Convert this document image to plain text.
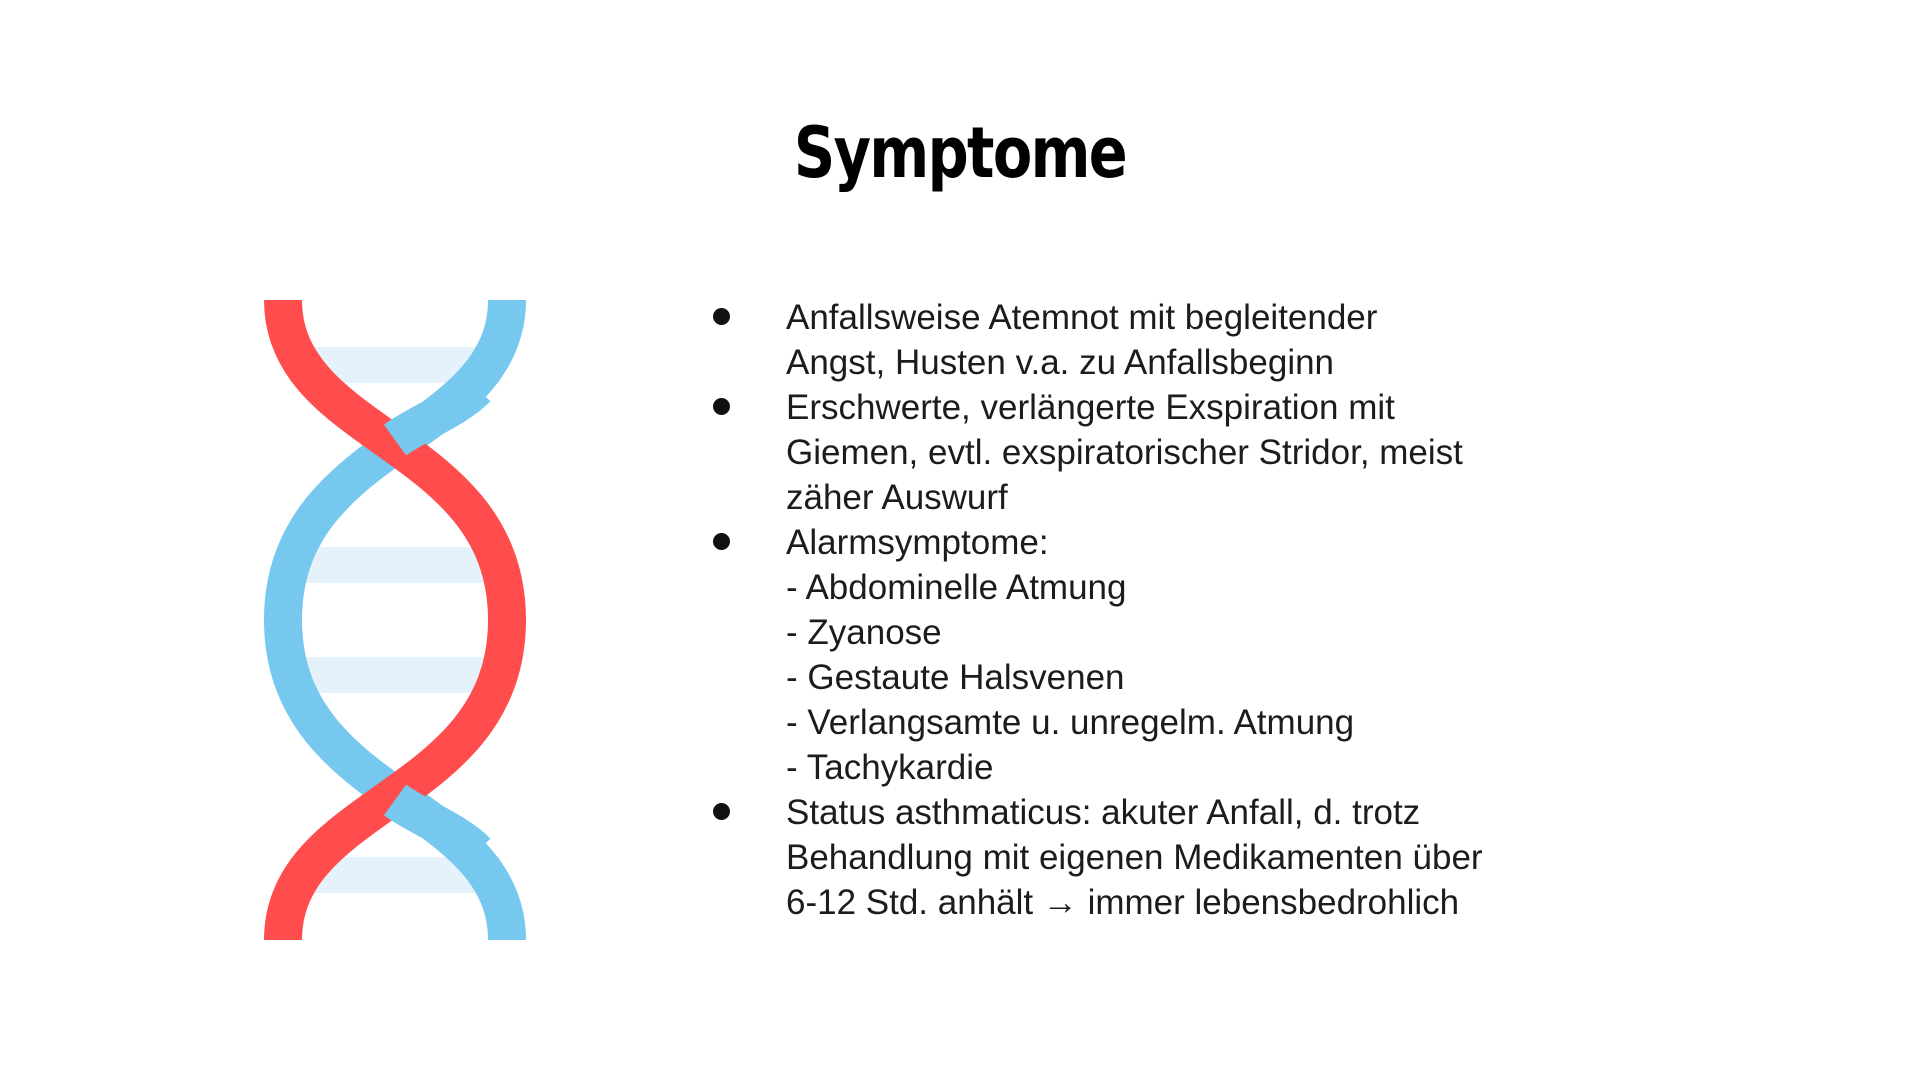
Symptome
Anfallsweise Atemnot mit begleitender
Angst, Husten v.a. zu Anfallsbeginn
Erschwerte, verlängerte Exspiration mit
Giemen, evtl. exspiratorischer Stridor, meist
zäher Auswurf
Alarmsymptome:
- Abdominelle Atmung
- Zyanose
- Gestaute Halsvenen
- Verlangsamte u. unregelm. Atmung
- Tachykardie
Status asthmaticus: akuter Anfall, d. trotz
Behandlung mit eigenen Medikamenten über
6-12 Std. anhält → immer lebensbedrohlich
